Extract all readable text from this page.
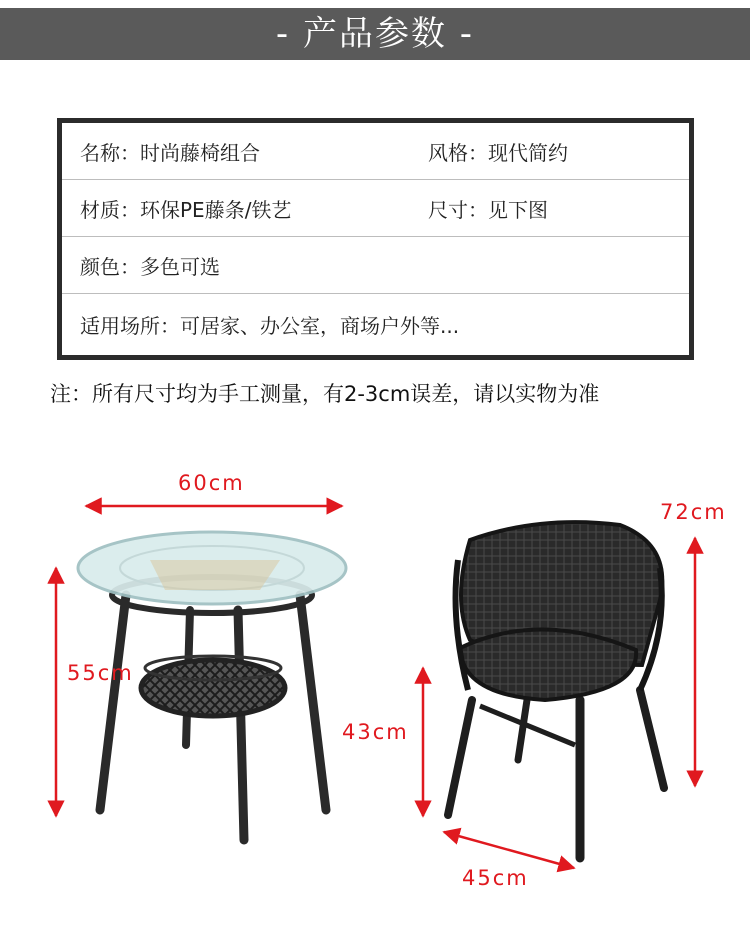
- 产品参数 -
名称：时尚藤椅组合	风格：现代简约
材质：环保PE藤条/铁艺	尺寸：见下图
颜色：多色可选
适用场所：可居家、办公室，商场户外等...
注：所有尺寸均为手工测量，有2-3cm误差，请以实物为准
60cm
55cm
72cm
43cm
45cm
